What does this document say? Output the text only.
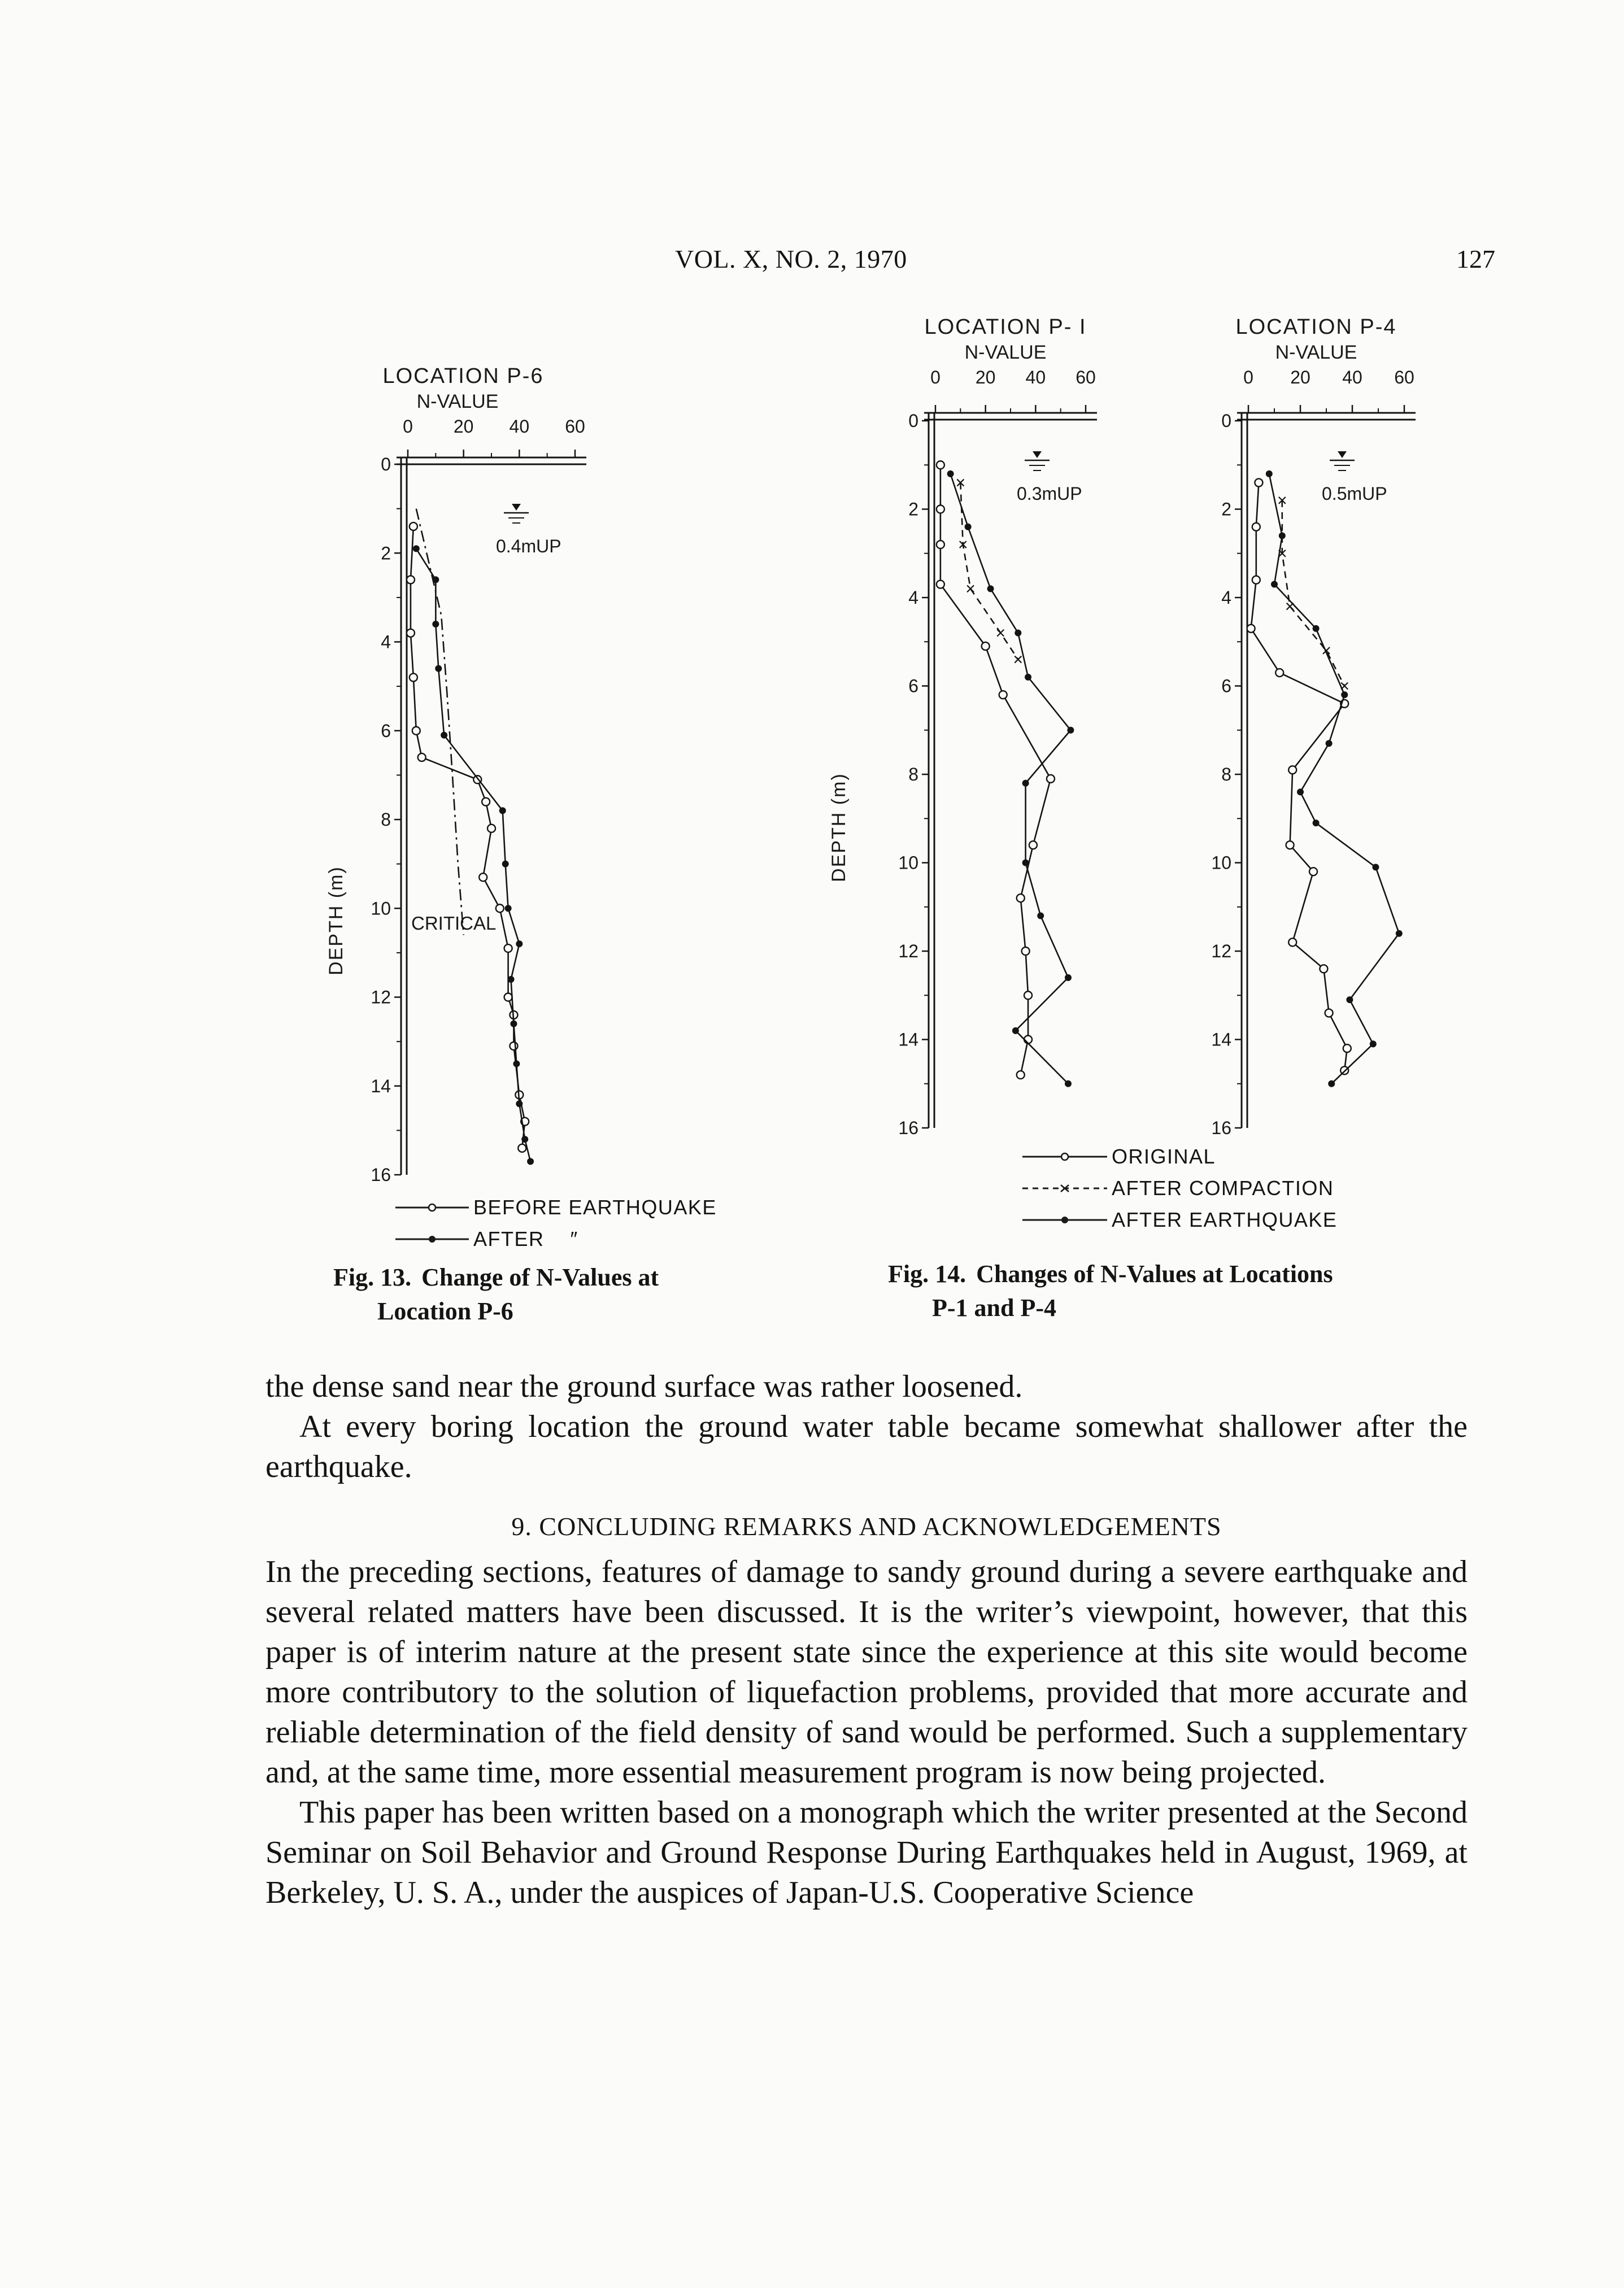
VOL. X, NO. 2, 1970	127
LOCATION P-6
N-VALUE
0 20 40 60
0
2
4
6
8
10
12
14
16
DEPTH (m)
0.4mUP
CRITICAL
BEFORE EARTHQUAKE
AFTER    ″

Fig. 13. Change of N-Values at
Location P-6

LOCATION P- I
N-VALUE
0 20 40 60
0
2
4
6
8
10
12
14
16
DEPTH (m)
0.3mUP
LOCATION P-4
N-VALUE
0 20 40 60
0
2
4
6
8
10
12
14
16
0.5mUP
ORIGINAL
AFTER COMPACTION
AFTER EARTHQUAKE

Fig. 14. Changes of N-Values at Locations
P-1 and P-4

the dense sand near the ground surface was rather loosened.

At every boring location the ground water table became somewhat shallower after the earthquake.

9. CONCLUDING REMARKS AND ACKNOWLEDGEMENTS

In the preceding sections, features of damage to sandy ground during a severe earthquake and several related matters have been discussed. It is the writer’s viewpoint, however, that this paper is of interim nature at the present state since the experience at this site would become more contributory to the solution of liquefaction problems, provided that more accurate and reliable determination of the field density of sand would be performed. Such a supplementary and, at the same time, more essential measurement program is now being projected.

This paper has been written based on a monograph which the writer presented at the Second Seminar on Soil Behavior and Ground Response During Earthquakes held in August, 1969, at Berkeley, U. S. A., under the auspices of Japan-U.S. Cooperative Science
